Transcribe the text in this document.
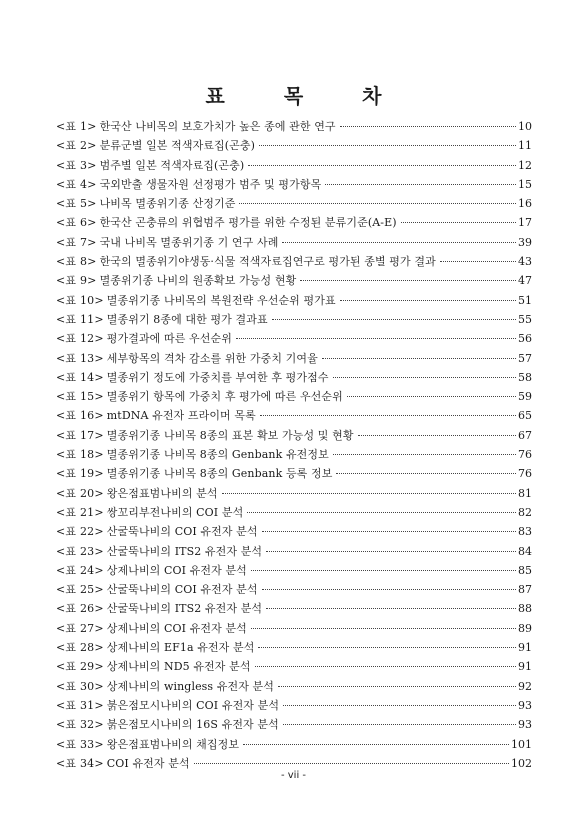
표 목 차
<표 1> 한국산 나비목의 보호가치가 높은 종에 관한 연구	10
<표 2> 분류군별 일본 적색자료집(곤충)	11
<표 3> 범주별 일본 적색자료집(곤충)	12
<표 4> 국외반출 생물자원 선정평가 범주 및 평가항목	15
<표 5> 나비목 멸종위기종 산정기준	16
<표 6> 한국산 곤충류의 위협범주 평가를 위한 수정된 분류기준(A-E)	17
<표 7> 국내 나비목 멸종위기종 기 연구 사례	39
<표 8> 한국의 멸종위기야생동·식물 적색자료집연구로 평가된 종별 평가 결과	43
<표 9> 멸종위기종 나비의 원종확보 가능성 현황	47
<표 10> 멸종위기종 나비목의 복원전략 우선순위 평가표	51
<표 11> 멸종위기 8종에 대한 평가 결과표	55
<표 12> 평가결과에 따른 우선순위	56
<표 13> 세부항목의 격차 감소를 위한 가중치 기여율	57
<표 14> 멸종위기 정도에 가중치를 부여한 후 평가점수	58
<표 15> 멸종위기 항목에 가중치 후 평가에 따른 우선순위	59
<표 16> mtDNA 유전자 프라이머 목록	65
<표 17> 멸종위기종 나비목 8종의 표본 확보 가능성 및 현황	67
<표 18> 멸종위기종 나비목 8종의 Genbank 유전정보	76
<표 19> 멸종위기종 나비목 8종의 Genbank 등록 정보	76
<표 20> 왕은점표범나비의 분석	81
<표 21> 쌍꼬리부전나비의 COI 분석	82
<표 22> 산굴뚝나비의 COI 유전자 분석	83
<표 23> 산굴뚝나비의 ITS2 유전자 분석	84
<표 24> 상제나비의 COI 유전자 분석	85
<표 25> 산굴뚝나비의 COI 유전자 분석	87
<표 26> 산굴뚝나비의 ITS2 유전자 분석	88
<표 27> 상제나비의 COI 유전자 분석	89
<표 28> 상제나비의 EF1a 유전자 분석	91
<표 29> 상제나비의 ND5 유전자 분석	91
<표 30> 상제나비의 wingless 유전자 분석	92
<표 31> 붉은점모시나비의 COI 유전자 분석	93
<표 32> 붉은점모시나비의 16S 유전자 분석	93
<표 33> 왕은점표범나비의 채집정보	101
<표 34> COI 유전자 분석	102

- vii -
